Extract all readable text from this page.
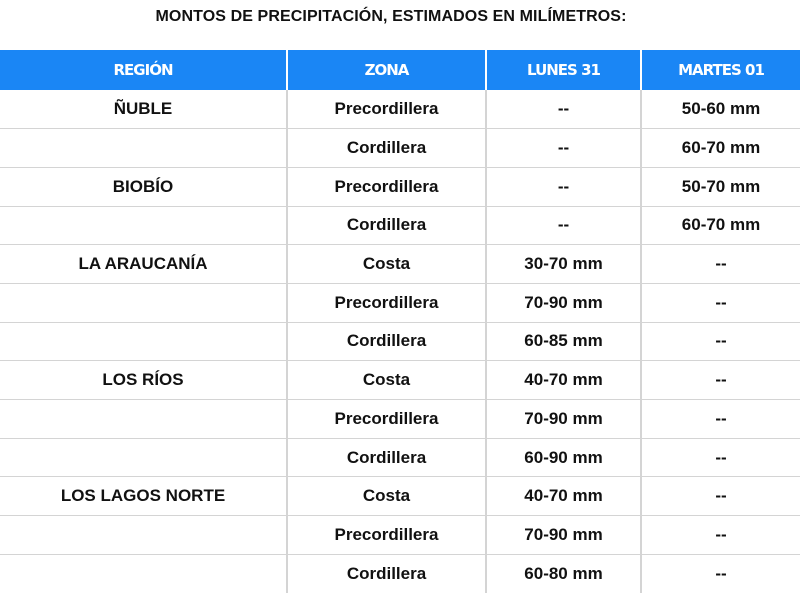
MONTOS DE PRECIPITACIÓN, ESTIMADOS EN MILÍMETROS:
REGIÓN	ZONA	LUNES 31	MARTES 01
ÑUBLE	Precordillera	--	50-60 mm
	Cordillera	--	60-70 mm
BIOBÍO	Precordillera	--	50-70 mm
	Cordillera	--	60-70 mm
LA ARAUCANÍA	Costa	30-70 mm	--
	Precordillera	70-90 mm	--
	Cordillera	60-85 mm	--
LOS RÍOS	Costa	40-70 mm	--
	Precordillera	70-90 mm	--
	Cordillera	60-90 mm	--
LOS LAGOS NORTE	Costa	40-70 mm	--
	Precordillera	70-90 mm	--
	Cordillera	60-80 mm	--
